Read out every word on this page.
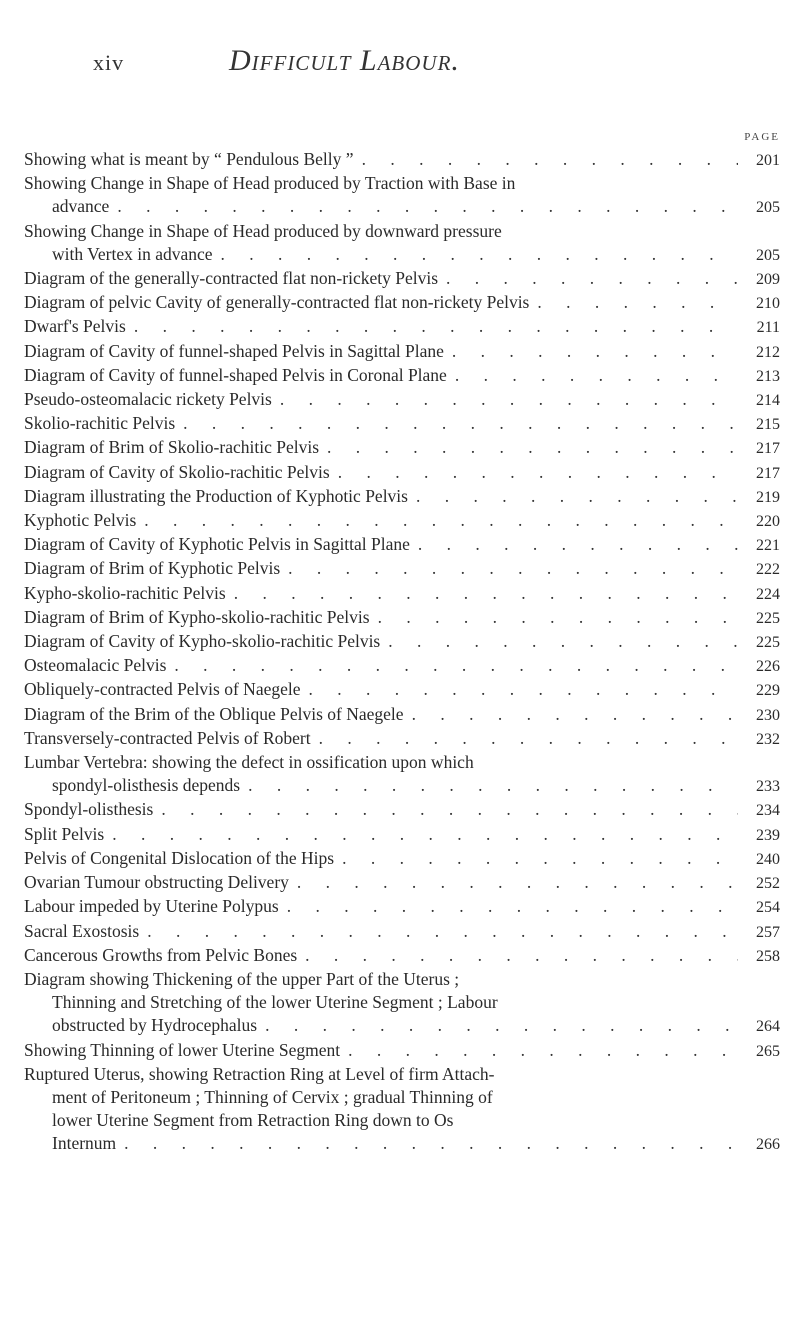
xiv	Difficult Labour.
PAGE
Showing what is meant by “ Pendulous Belly ” . . .	201
Showing Change in Shape of Head produced by Traction with Base in
advance . . .	205
Showing Change in Shape of Head produced by downward pressure
with Vertex in advance . . .	205
Diagram of the generally-contracted flat non-rickety Pelvis . . .	209
Diagram of pelvic Cavity of generally-contracted flat non-rickety Pelvis . . .	210
Dwarf's Pelvis . . .	211
Diagram of Cavity of funnel-shaped Pelvis in Sagittal Plane . . .	212
Diagram of Cavity of funnel-shaped Pelvis in Coronal Plane . . .	213
Pseudo-osteomalacic rickety Pelvis . . .	214
Skolio-rachitic Pelvis . . .	215
Diagram of Brim of Skolio-rachitic Pelvis . . .	217
Diagram of Cavity of Skolio-rachitic Pelvis . . .	217
Diagram illustrating the Production of Kyphotic Pelvis . . .	219
Kyphotic Pelvis . . .	220
Diagram of Cavity of Kyphotic Pelvis in Sagittal Plane . . .	221
Diagram of Brim of Kyphotic Pelvis . . .	222
Kypho-skolio-rachitic Pelvis . . .	224
Diagram of Brim of Kypho-skolio-rachitic Pelvis . . .	225
Diagram of Cavity of Kypho-skolio-rachitic Pelvis . . .	225
Osteomalacic Pelvis . . .	226
Obliquely-contracted Pelvis of Naegele . . .	229
Diagram of the Brim of the Oblique Pelvis of Naegele . . .	230
Transversely-contracted Pelvis of Robert . . .	232
Lumbar Vertebra: showing the defect in ossification upon which
spondyl-olisthesis depends . . .	233
Spondyl-olisthesis . . .	234
Split Pelvis . . .	239
Pelvis of Congenital Dislocation of the Hips . . .	240
Ovarian Tumour obstructing Delivery . . .	252
Labour impeded by Uterine Polypus . . .	254
Sacral Exostosis . . .	257
Cancerous Growths from Pelvic Bones . . .	258
Diagram showing Thickening of the upper Part of the Uterus ;
Thinning and Stretching of the lower Uterine Segment ; Labour
obstructed by Hydrocephalus . . .	264
Showing Thinning of lower Uterine Segment . . .	265
Ruptured Uterus, showing Retraction Ring at Level of firm Attach-
ment of Peritoneum ; Thinning of Cervix ; gradual Thinning of
lower Uterine Segment from Retraction Ring down to Os
Internum . . .	266
